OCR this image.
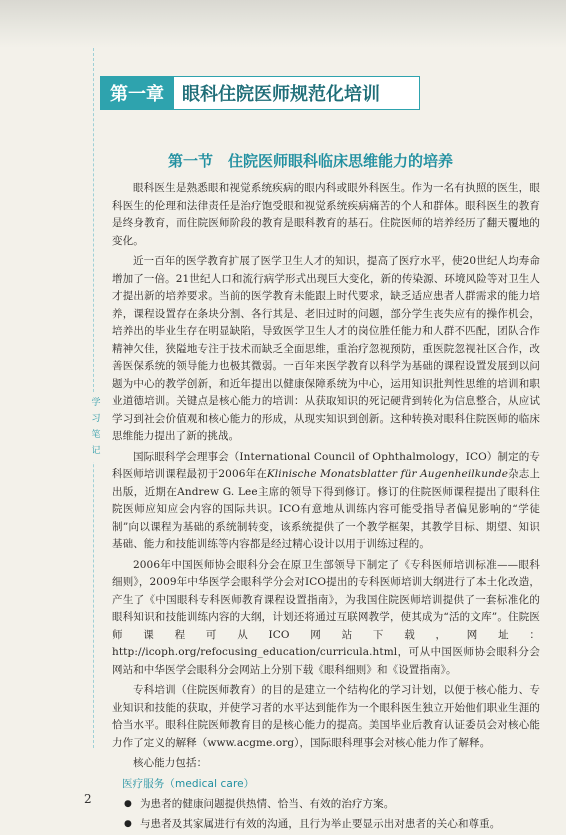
学
习
笔
记
第一章	眼科住院医师规范化培训
第一节　住院医师眼科临床思维能力的培养

眼科医生是熟悉眼和视觉系统疾病的眼内科或眼外科医生。作为一名有执照的医生，眼科医生的伦理和法律责任是治疗饱受眼和视觉系统疾病痛苦的个人和群体。眼科医生的教育是终身教育，而住院医师阶段的教育是眼科教育的基石。住院医师的培养经历了翻天覆地的变化。

近一百年的医学教育扩展了医学卫生人才的知识，提高了医疗水平，使20世纪人均寿命增加了一倍。21世纪人口和流行病学形式出现巨大变化，新的传染源、环境风险等对卫生人才提出新的培养要求。当前的医学教育未能跟上时代要求，缺乏适应患者人群需求的能力培养，课程设置存在条块分割、各行其是、老旧过时的问题，部分学生丧失应有的操作机会，培养出的毕业生存在明显缺陷，导致医学卫生人才的岗位胜任能力和人群不匹配，团队合作精神欠佳，狭隘地专注于技术而缺乏全面思维，重治疗忽视预防，重医院忽视社区合作，改善医保系统的领导能力也极其微弱。一百年来医学教育以科学为基础的课程设置发展到以问题为中心的教学创新，和近年提出以健康保障系统为中心，运用知识批判性思维的培训和职业道德培训。关键点是核心能力的培训：从获取知识的死记硬背到转化为信息整合，从应试学习到社会价值观和核心能力的形成，从现实知识到创新。这种转换对眼科住院医师的临床思维能力提出了新的挑战。

国际眼科学会理事会（International Council of Ophthalmology，ICO）制定的专科医师培训课程最初于2006年在Klinische Monatsblatter für Augenheilkunde杂志上出版，近期在Andrew G. Lee主席的领导下得到修订。修订的住院医师课程提出了眼科住院医师应知应会内容的国际共识。ICO有意地从训练内容可能受指导者偏见影响的“学徒制”向以课程为基础的系统制转变，该系统提供了一个教学框架，其教学目标、期望、知识基础、能力和技能训练等内容都是经过精心设计以用于训练过程的。

2006年中国医师协会眼科分会在原卫生部领导下制定了《专科医师培训标准——眼科细则》，2009年中华医学会眼科学分会对ICO提出的专科医师培训大纲进行了本土化改造，产生了《中国眼科专科医师教育课程设置指南》，为我国住院医师培训提供了一套标准化的眼科知识和技能训练内容的大纲，计划还将通过互联网教学，使其成为“活的文库”。住院医师课程可从ICO网站下载，网址：http://icoph.org/refocusing_education/curricula.html，可从中国医师协会眼科分会网站和中华医学会眼科分会网站上分别下载《眼科细则》和《设置指南》。

专科培训（住院医师教育）的目的是建立一个结构化的学习计划，以便于核心能力、专业知识和技能的获取，并使学习者的水平达到能作为一个眼科医生独立开始他们职业生涯的恰当水平。眼科住院医师教育目的是核心能力的提高。美国毕业后教育认证委员会对核心能力作了定义的解释（www.acgme.org），国际眼科理事会对核心能力作了解释。

核心能力包括：

医疗服务（medical care）
● 为患者的健康问题提供热情、恰当、有效的治疗方案。
● 与患者及其家属进行有效的沟通，且行为举止要显示出对患者的关心和尊重。
2
